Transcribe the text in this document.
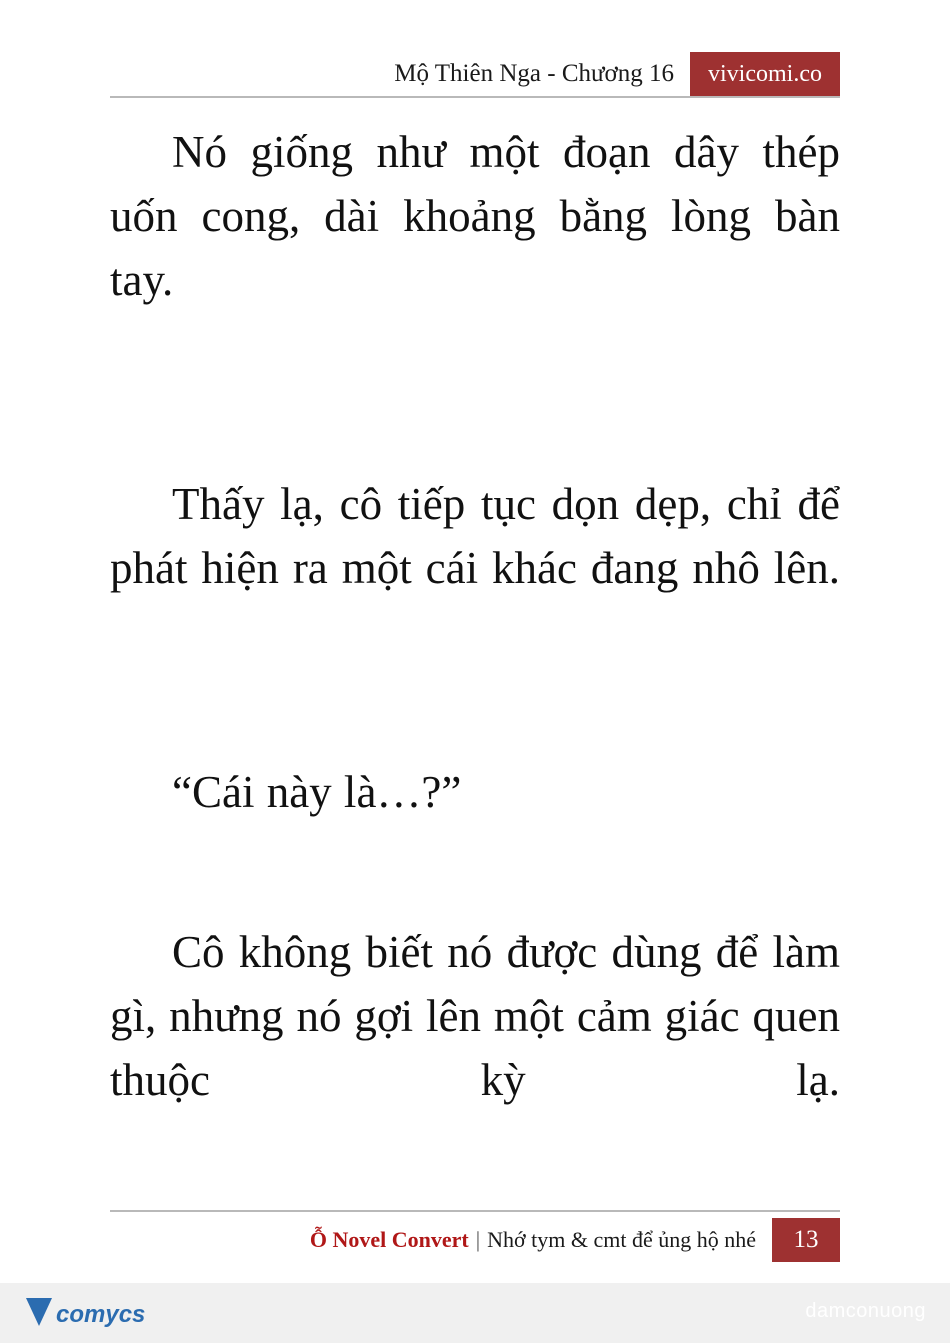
Mộ Thiên Nga - Chương 16	vivicomi.co

Nó giống như một đoạn dây thép uốn cong, dài khoảng bằng lòng bàn tay.

Thấy lạ, cô tiếp tục dọn dẹp, chỉ để phát hiện ra một cái khác đang nhô lên.

“Cái này là…?”

Cô không biết nó được dùng để làm gì, nhưng nó gợi lên một cảm giác quen thuộc kỳ lạ.

Ỗ Novel Convert | Nhớ tym & cmt để ủng hộ nhé	13
comycs	damconuong
